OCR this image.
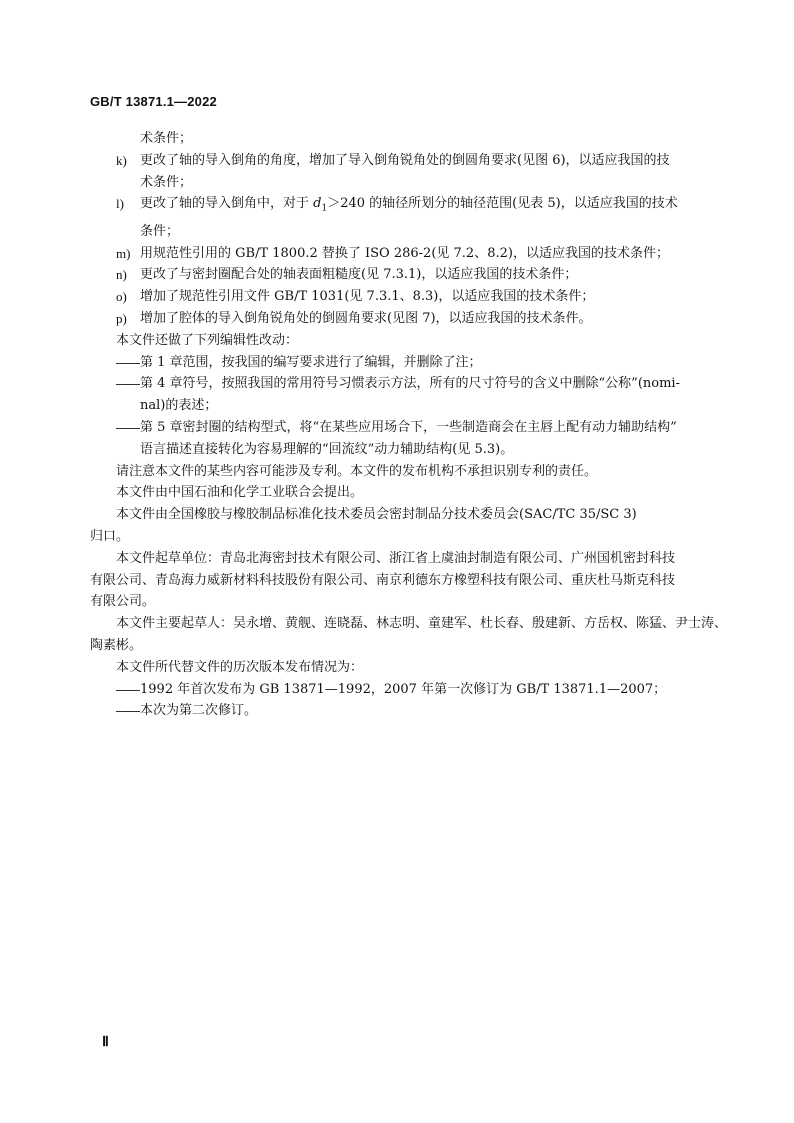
GB/T 13871.1—2022
术条件；
k)	更改了轴的导入倒角的角度，增加了导入倒角锐角处的倒圆角要求(见图 6)，以适应我国的技
术条件；
l)	更改了轴的导入倒角中，对于 $d_1>240$ 的轴径所划分的轴径范围(见表 5)，以适应我国的技术
条件；
m) 用规范性引用的 GB/T 1800.2 替换了 ISO 286-2(见 7.2、8.2)，以适应我国的技术条件；
n)	更改了与密封圈配合处的轴表面粗糙度(见 7.3.1)，以适应我国的技术条件；
o)	增加了规范性引用文件 GB/T 1031(见 7.3.1、8.3)，以适应我国的技术条件；
p)	增加了腔体的导入倒角锐角处的倒圆角要求(见图 7)，以适应我国的技术条件。
本文件还做了下列编辑性改动：
—— 第 1 章范围，按我国的编写要求进行了编辑，并删除了注；
—— 第 4 章符号，按照我国的常用符号习惯表示方法，所有的尺寸符号的含义中删除“公称”(nomi-
nal)的表述；
—— 第 5 章密封圈的结构型式，将“在某些应用场合下，一些制造商会在主唇上配有动力辅助结构”
语言描述直接转化为容易理解的“回流纹”动力辅助结构(见 5.3)。
请注意本文件的某些内容可能涉及专利。本文件的发布机构不承担识别专利的责任。
本文件由中国石油和化学工业联合会提出。
本文件由全国橡胶与橡胶制品标准化技术委员会密封制品分技术委员会(SAC/TC 35/SC 3)
归口。
本文件起草单位：青岛北海密封技术有限公司、浙江省上虞油封制造有限公司、广州国机密封科技
有限公司、青岛海力威新材料科技股份有限公司、南京利德东方橡塑科技有限公司、重庆杜马斯克科技
有限公司。
本文件主要起草人：吴永增、黄舰、连晓磊、林志明、童建军、杜长春、殷建新、方岳权、陈猛、尹士涛、
陶素彬。
本文件所代替文件的历次版本发布情况为：
—— 1992 年首次发布为 GB 13871—1992，2007 年第一次修订为 GB/T 13871.1—2007；
—— 本次为第二次修订。
Ⅱ
